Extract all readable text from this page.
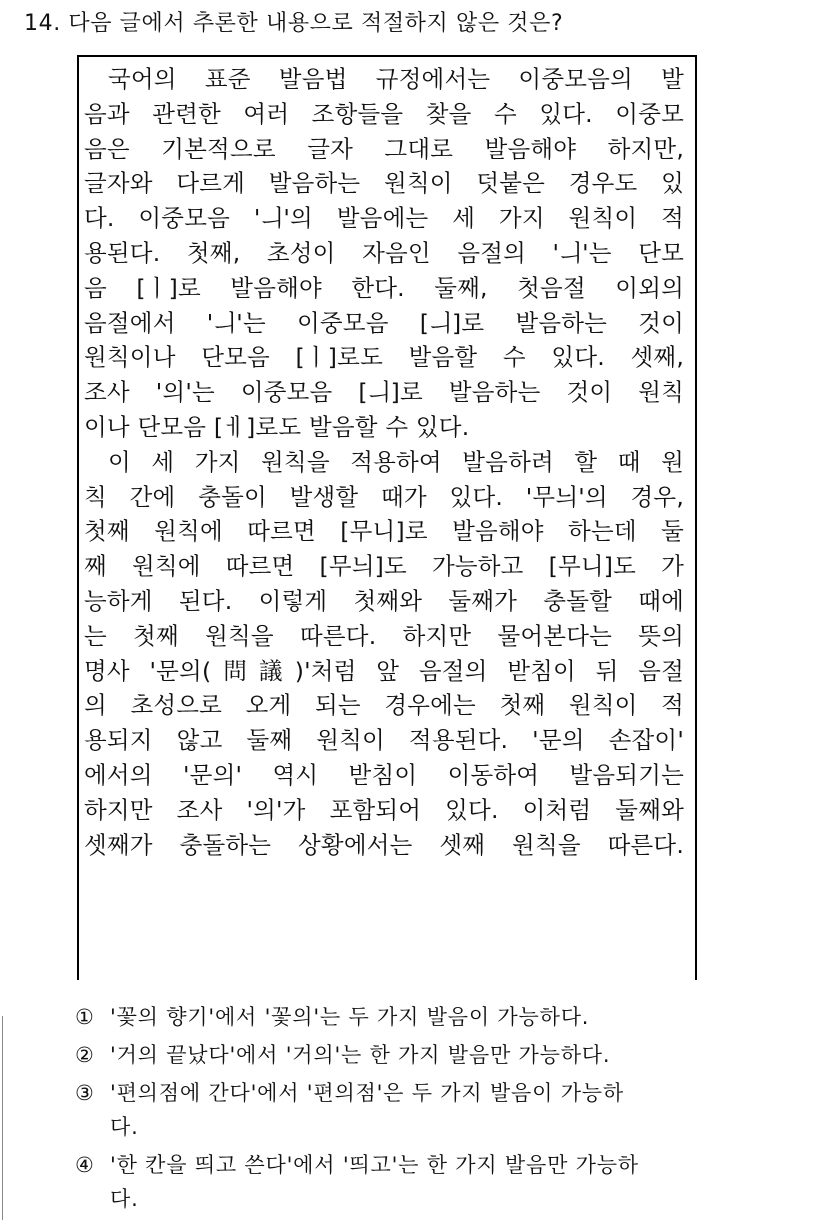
14. 다음 글에서 추론한 내용으로 적절하지 않은 것은?
국어의 표준 발음법 규정에서는 이중모음의 발
음과 관련한 여러 조항들을 찾을 수 있다. 이중모
음은 기본적으로 글자 그대로 발음해야 하지만,
글자와 다르게 발음하는 원칙이 덧붙은 경우도 있
다. 이중모음 'ㅢ'의 발음에는 세 가지 원칙이 적
용된다. 첫째, 초성이 자음인 음절의 'ㅢ'는 단모
음 [ㅣ]로 발음해야 한다. 둘째, 첫음절 이외의
음절에서 'ㅢ'는 이중모음 [ㅢ]로 발음하는 것이
원칙이나 단모음 [ㅣ]로도 발음할 수 있다. 셋째,
조사 '의'는 이중모음 [ㅢ]로 발음하는 것이 원칙
이나 단모음 [ㅔ]로도 발음할 수 있다.
이 세 가지 원칙을 적용하여 발음하려 할 때 원
칙 간에 충돌이 발생할 때가 있다. '무늬'의 경우,
첫째 원칙에 따르면 [무니]로 발음해야 하는데 둘
째 원칙에 따르면 [무늬]도 가능하고 [무니]도 가
능하게 된다. 이렇게 첫째와 둘째가 충돌할 때에
는 첫째 원칙을 따른다. 하지만 물어본다는 뜻의
명사 '문의(問議)'처럼 앞 음절의 받침이 뒤 음절
의 초성으로 오게 되는 경우에는 첫째 원칙이 적
용되지 않고 둘째 원칙이 적용된다. '문의 손잡이'
에서의 '문의' 역시 받침이 이동하여 발음되기는
하지만 조사 '의'가 포함되어 있다. 이처럼 둘째와
셋째가 충돌하는 상황에서는 셋째 원칙을 따른다.
① '꽃의 향기'에서 '꽃의'는 두 가지 발음이 가능하다.
② '거의 끝났다'에서 '거의'는 한 가지 발음만 가능하다.
③ '편의점에 간다'에서 '편의점'은 두 가지 발음이 가능하
다.
④ '한 칸을 띄고 쓴다'에서 '띄고'는 한 가지 발음만 가능하
다.
